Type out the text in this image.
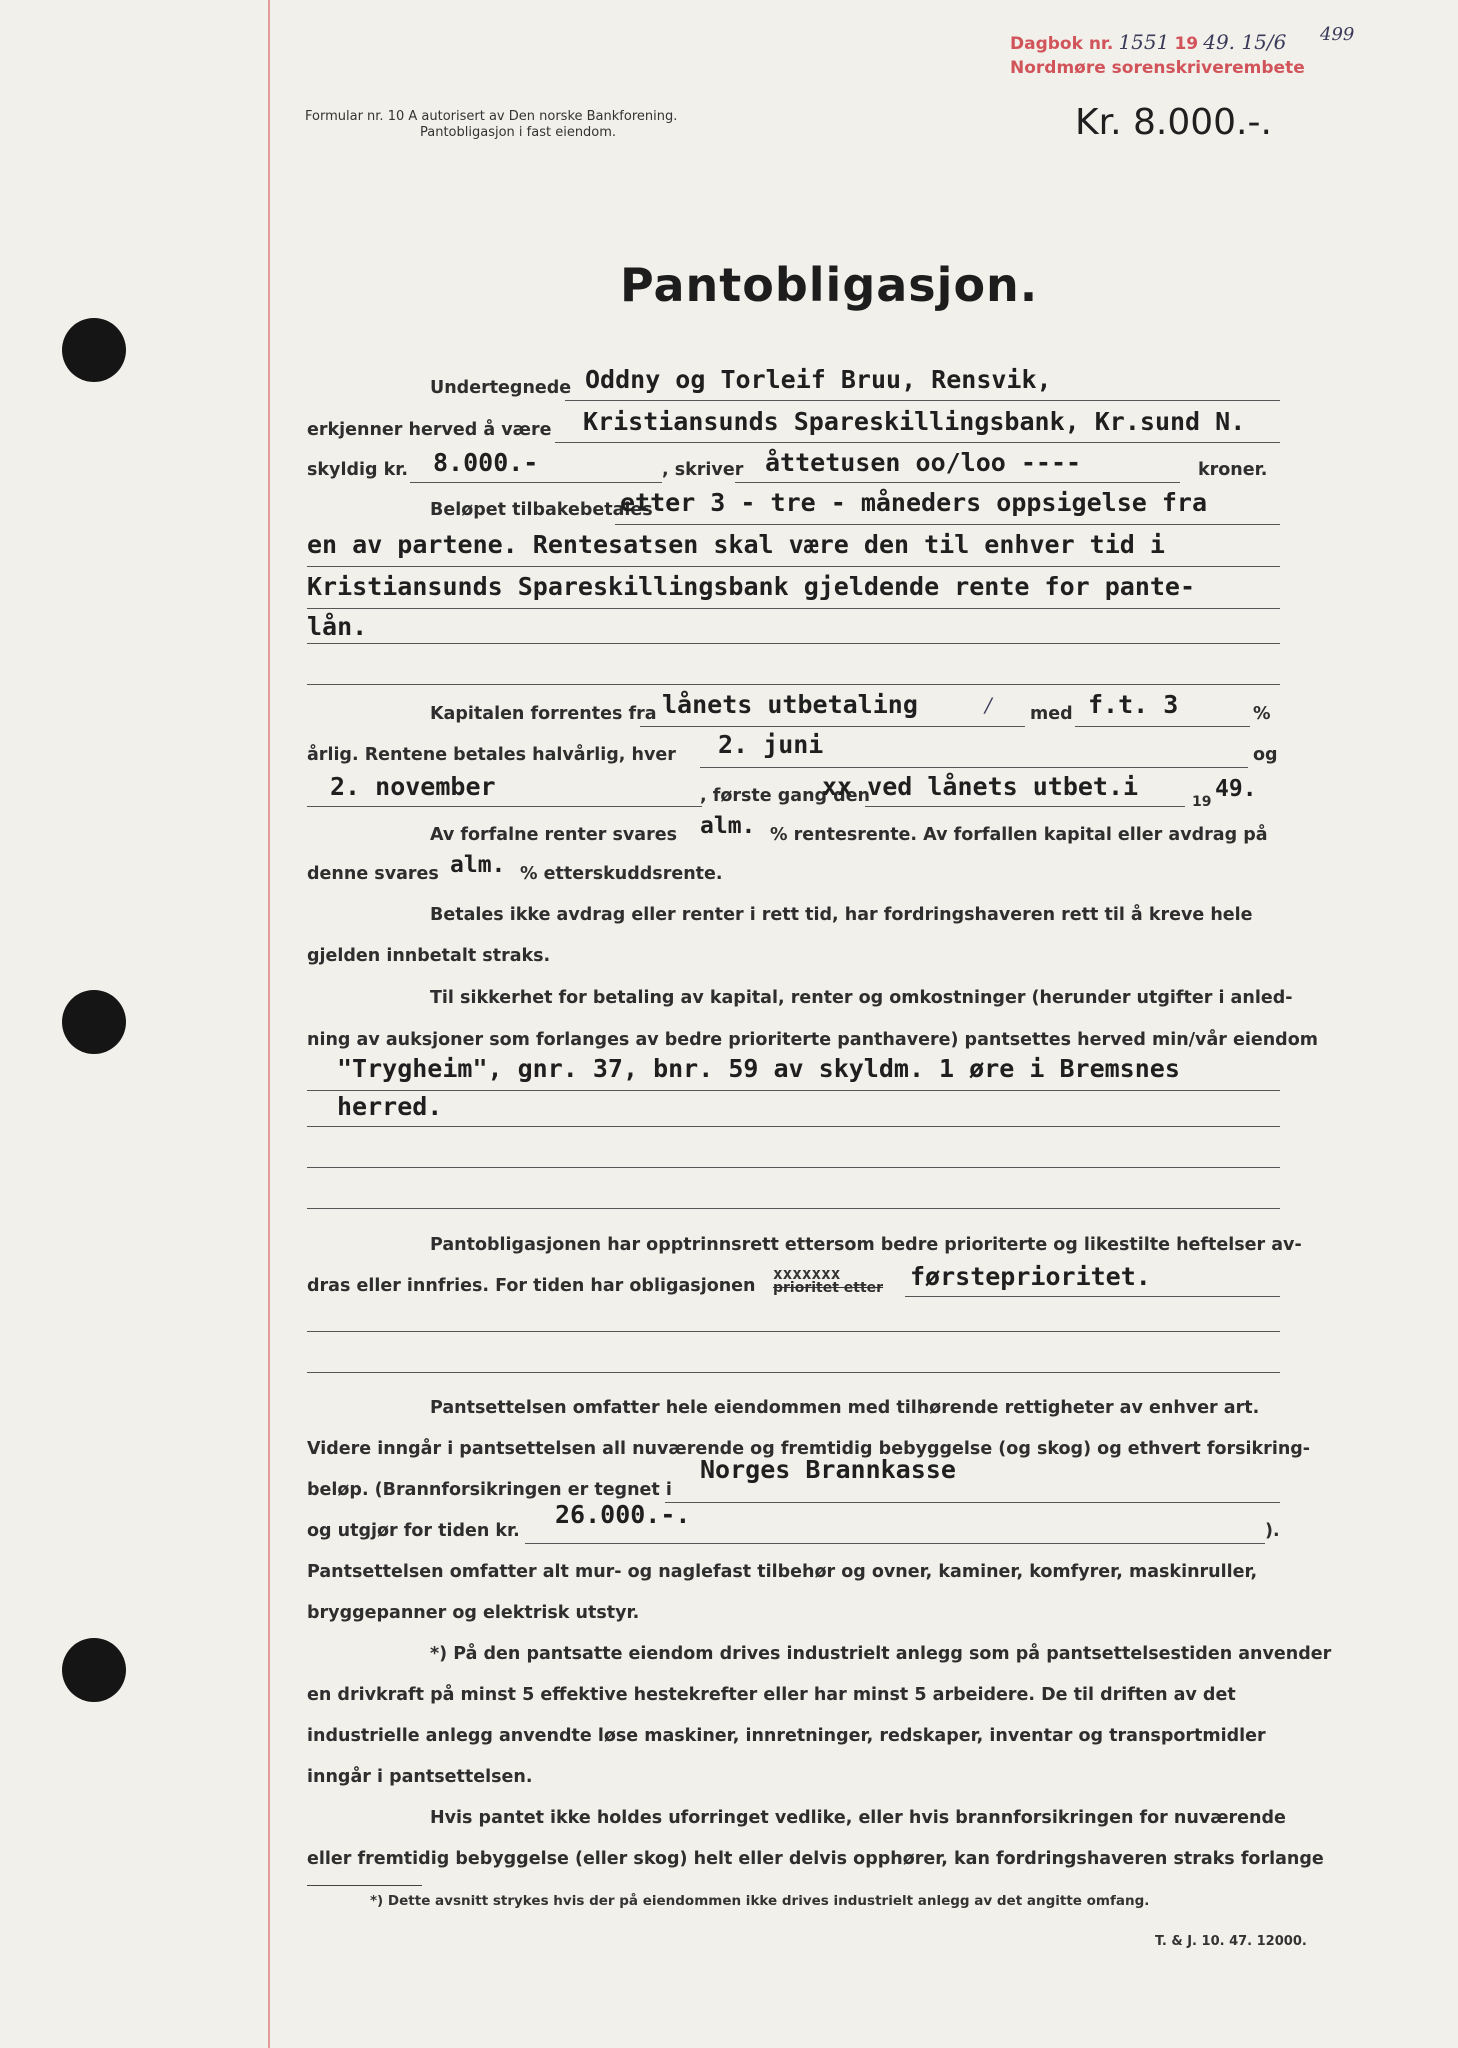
Formular nr. 10 A autorisert av Den norske Bankforening.
Pantobligasjon i fast eiendom.
Dagbok nr. 1551 19 49. 15/6 499
Nordmøre sorenskriverembete
Kr. 8.000.-.
Pantobligasjon.
Undertegnede Oddny og Torleif Bruu, Rensvik,
erkjenner herved å være Kristiansunds Spareskillingsbank, Kr.sund N.
skyldig kr. 8.000.-	, skriver åttetusen oo/loo ----	kroner.
Beløpet tilbakebetales
etter 3 - tre - måneders oppsigelse fra
en av partene. Rentesatsen skal være den til enhver tid i
Kristiansunds Spareskillingsbank gjeldende rente for pante-
lån.
Kapitalen forrentes fra lånets utbetaling	/ med f.t. 3	%
årlig. Rentene betales halvårlig, hver 2. juni	og
2. november	, første gang den
xx ved lånets utbet.i
19 49.
Av forfalne renter svares alm. % rentesrente. Av forfallen kapital eller avdrag på
denne svares alm. % etterskuddsrente.
Betales ikke avdrag eller renter i rett tid, har fordringshaveren rett til å kreve hele
gjelden innbetalt straks.
Til sikkerhet for betaling av kapital, renter og omkostninger (herunder utgifter i anled-
ning av auksjoner som forlanges av bedre prioriterte panthavere) pantsettes herved min/vår eiendom
"Trygheim", gnr. 37, bnr. 59 av skyldm. 1 øre i Bremsnes
herred.
Pantobligasjonen har opptrinnsrett ettersom bedre prioriterte og likestilte heftelser av-
dras eller innfries. For tiden har obligasjonen
xxxxxxx
prioritet etter førsteprioritet.
Pantsettelsen omfatter hele eiendommen med tilhørende rettigheter av enhver art.
Videre inngår i pantsettelsen all nuværende og fremtidig bebyggelse (og skog) og ethvert forsikring-
beløp. (Brannforsikringen er tegnet i
Norges Brannkasse
og utgjør for tiden kr.
26.000.-.
).
Pantsettelsen omfatter alt mur- og naglefast tilbehør og ovner, kaminer, komfyrer, maskinruller,
bryggepanner og elektrisk utstyr.
*) På den pantsatte eiendom drives industrielt anlegg som på pantsettelsestiden anvender
en drivkraft på minst 5 effektive hestekrefter eller har minst 5 arbeidere. De til driften av det
industrielle anlegg anvendte løse maskiner, innretninger, redskaper, inventar og transportmidler
inngår i pantsettelsen.
Hvis pantet ikke holdes uforringet vedlike, eller hvis brannforsikringen for nuværende
eller fremtidig bebyggelse (eller skog) helt eller delvis opphører, kan fordringshaveren straks forlange
*) Dette avsnitt strykes hvis der på eiendommen ikke drives industrielt anlegg av det angitte omfang.
T. & J. 10. 47. 12000.
